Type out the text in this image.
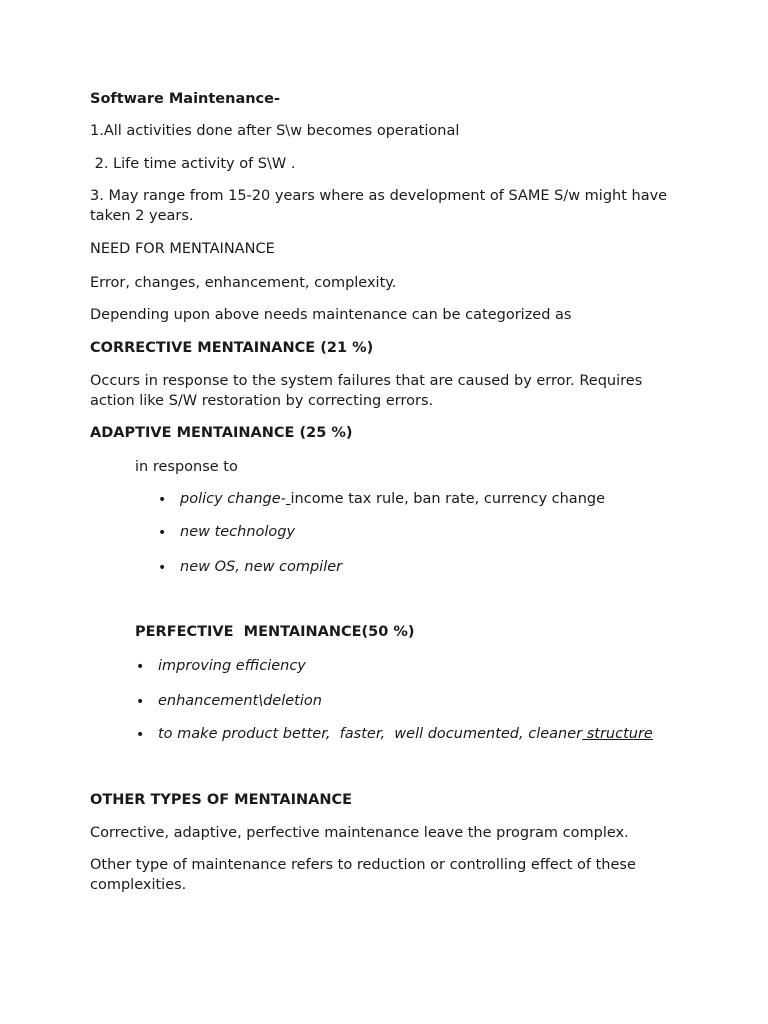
Software Maintenance-
1.All activities done after S\w becomes operational
2. Life time activity of S\W .
3. May range from 15-20 years where as development of SAME S/w might have taken 2 years.
NEED FOR MENTAINANCE
Error, changes, enhancement, complexity.
Depending upon above needs maintenance can be categorized as
CORRECTIVE MENTAINANCE (21 %)
Occurs in response to the system failures that are caused by error. Requires action like S/W restoration by correcting errors.
ADAPTIVE MENTAINANCE (25 %)
in response to
• policy change- income tax rule, ban rate, currency change
• new technology
• new OS, new compiler
PERFECTIVE  MENTAINANCE(50 %)
• improving efficiency
• enhancement\deletion
• to make product better,  faster,  well documented, cleaner structure
OTHER TYPES OF MENTAINANCE
Corrective, adaptive, perfective maintenance leave the program complex.
Other type of maintenance refers to reduction or controlling effect of these complexities.
